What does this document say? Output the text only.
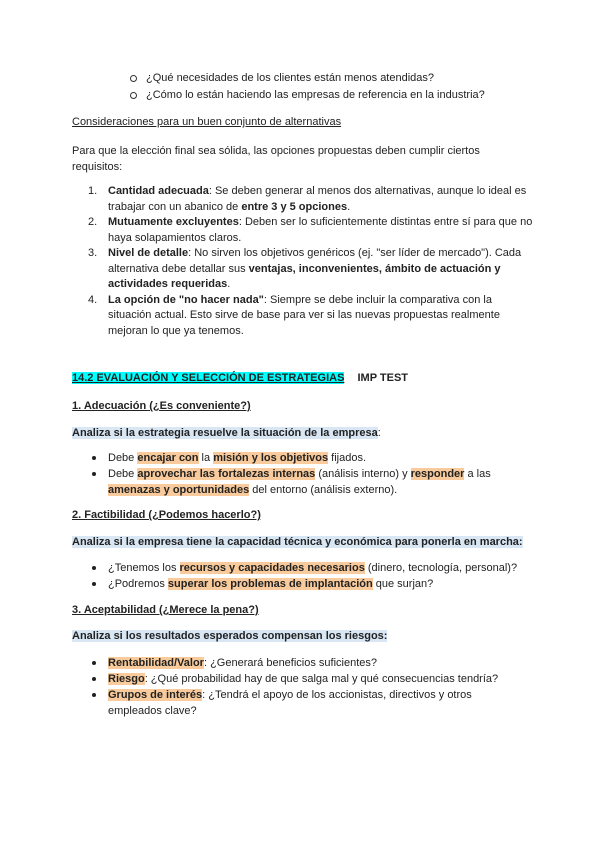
¿Qué necesidades de los clientes están menos atendidas?
¿Cómo lo están haciendo las empresas de referencia en la industria?
Consideraciones para un buen conjunto de alternativas
Para que la elección final sea sólida, las opciones propuestas deben cumplir ciertos requisitos:
1. Cantidad adecuada: Se deben generar al menos dos alternativas, aunque lo ideal es trabajar con un abanico de entre 3 y 5 opciones.
2. Mutuamente excluyentes: Deben ser lo suficientemente distintas entre sí para que no haya solapamientos claros.
3. Nivel de detalle: No sirven los objetivos genéricos (ej. "ser líder de mercado"). Cada alternativa debe detallar sus ventajas, inconvenientes, ámbito de actuación y actividades requeridas.
4. La opción de "no hacer nada": Siempre se debe incluir la comparativa con la situación actual. Esto sirve de base para ver si las nuevas propuestas realmente mejoran lo que ya tenemos.
14.2 EVALUACIÓN Y SELECCIÓN DE ESTRATEGIAS IMP TEST
1. Adecuación (¿Es conveniente?)
Analiza si la estrategia resuelve la situación de la empresa:
Debe encajar con la misión y los objetivos fijados.
Debe aprovechar las fortalezas internas (análisis interno) y responder a las amenazas y oportunidades del entorno (análisis externo).
2. Factibilidad (¿Podemos hacerlo?)
Analiza si la empresa tiene la capacidad técnica y económica para ponerla en marcha:
¿Tenemos los recursos y capacidades necesarios (dinero, tecnología, personal)?
¿Podremos superar los problemas de implantación que surjan?
3. Aceptabilidad (¿Merece la pena?)
Analiza si los resultados esperados compensan los riesgos:
Rentabilidad/Valor: ¿Generará beneficios suficientes?
Riesgo: ¿Qué probabilidad hay de que salga mal y qué consecuencias tendría?
Grupos de interés: ¿Tendrá el apoyo de los accionistas, directivos y otros empleados clave?
